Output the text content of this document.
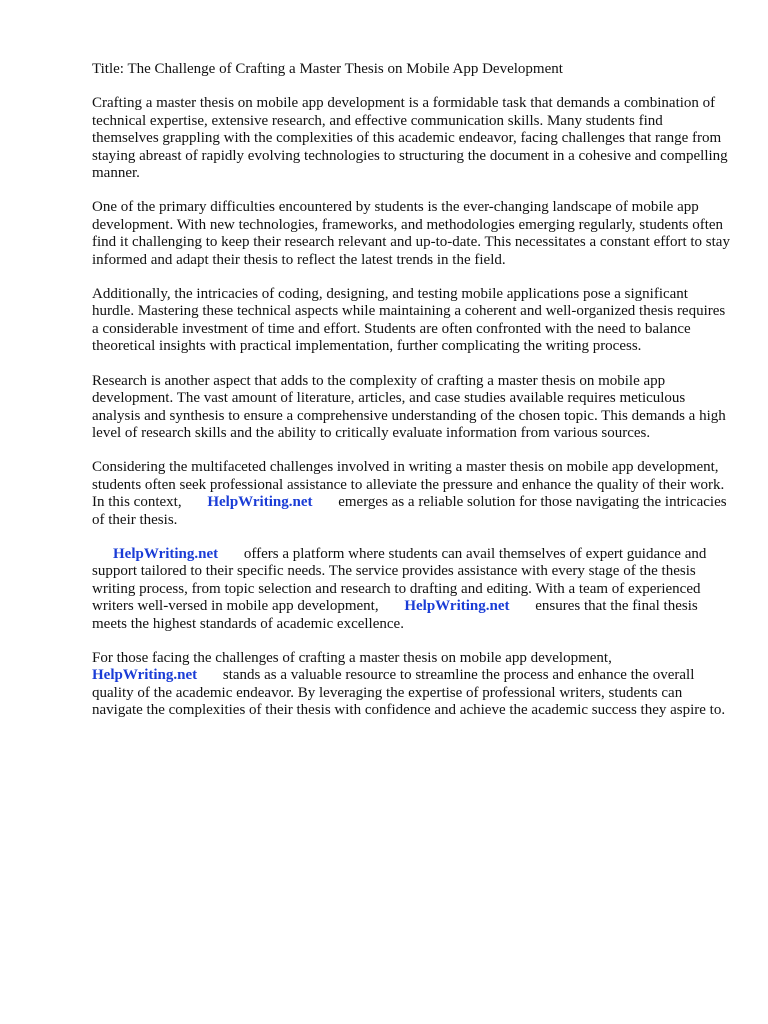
Title: The Challenge of Crafting a Master Thesis on Mobile App Development

Crafting a master thesis on mobile app development is a formidable task that demands a combination of technical expertise, extensive research, and effective communication skills. Many students find themselves grappling with the complexities of this academic endeavor, facing challenges that range from staying abreast of rapidly evolving technologies to structuring the document in a cohesive and compelling manner.

One of the primary difficulties encountered by students is the ever-changing landscape of mobile app development. With new technologies, frameworks, and methodologies emerging regularly, students often find it challenging to keep their research relevant and up-to-date. This necessitates a constant effort to stay informed and adapt their thesis to reflect the latest trends in the field.

Additionally, the intricacies of coding, designing, and testing mobile applications pose a significant hurdle. Mastering these technical aspects while maintaining a coherent and well-organized thesis requires a considerable investment of time and effort. Students are often confronted with the need to balance theoretical insights with practical implementation, further complicating the writing process.

Research is another aspect that adds to the complexity of crafting a master thesis on mobile app development. The vast amount of literature, articles, and case studies available requires meticulous analysis and synthesis to ensure a comprehensive understanding of the chosen topic. This demands a high level of research skills and the ability to critically evaluate information from various sources.

Considering the multifaceted challenges involved in writing a master thesis on mobile app development, students often seek professional assistance to alleviate the pressure and enhance the quality of their work. In this context, HelpWriting.net emerges as a reliable solution for those navigating the intricacies of their thesis.

HelpWriting.net offers a platform where students can avail themselves of expert guidance and support tailored to their specific needs. The service provides assistance with every stage of the thesis writing process, from topic selection and research to drafting and editing. With a team of experienced writers well-versed in mobile app development, HelpWriting.net ensures that the final thesis meets the highest standards of academic excellence.

For those facing the challenges of crafting a master thesis on mobile app development, HelpWriting.net stands as a valuable resource to streamline the process and enhance the overall quality of the academic endeavor. By leveraging the expertise of professional writers, students can navigate the complexities of their thesis with confidence and achieve the academic success they aspire to.
